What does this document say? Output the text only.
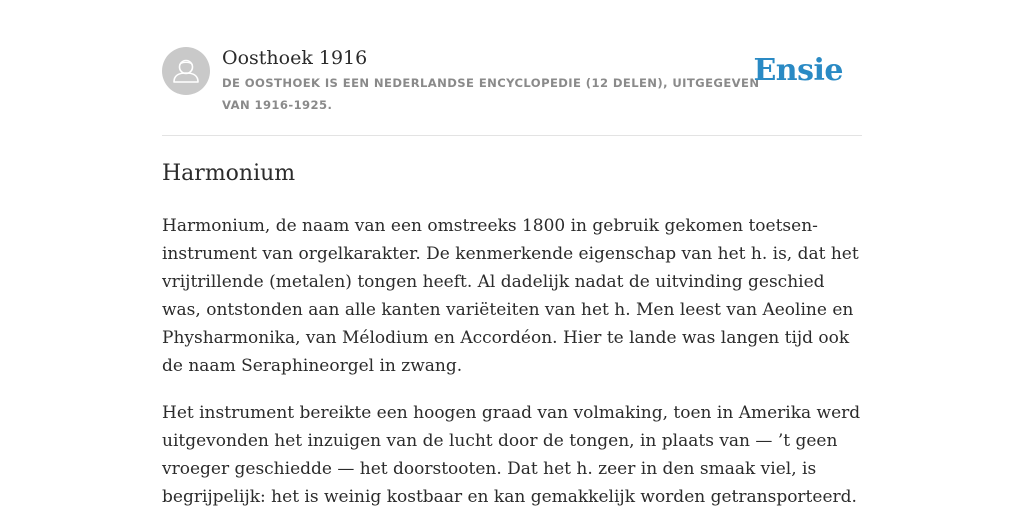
Oosthoek 1916
DE OOSTHOEK IS EEN NEDERLANDSE ENCYCLOPEDIE (12 DELEN), UITGEGEVEN VAN 1916-1925.
Ensie
Harmonium

Harmonium, de naam van een omstreeks 1800 in gebruik gekomen toetsen-instrument van orgelkarakter. De kenmerkende eigenschap van het h. is, dat het vrijtrillende (metalen) tongen heeft. Al dadelijk nadat de uitvinding geschied was, ontstonden aan alle kanten variëteiten van het h. Men leest van Aeoline en Physharmonika, van Mélodium en Accordéon. Hier te lande was langen tijd ook de naam Seraphineorgel in zwang.

Het instrument bereikte een hoogen graad van volmaking, toen in Amerika werd uitgevonden het inzuigen van de lucht door de tongen, in plaats van — ’t geen vroeger geschiedde — het doorstooten. Dat het h. zeer in den smaak viel, is begrijpelijk: het is weinig kostbaar en kan gemakkelijk worden getransporteerd.
